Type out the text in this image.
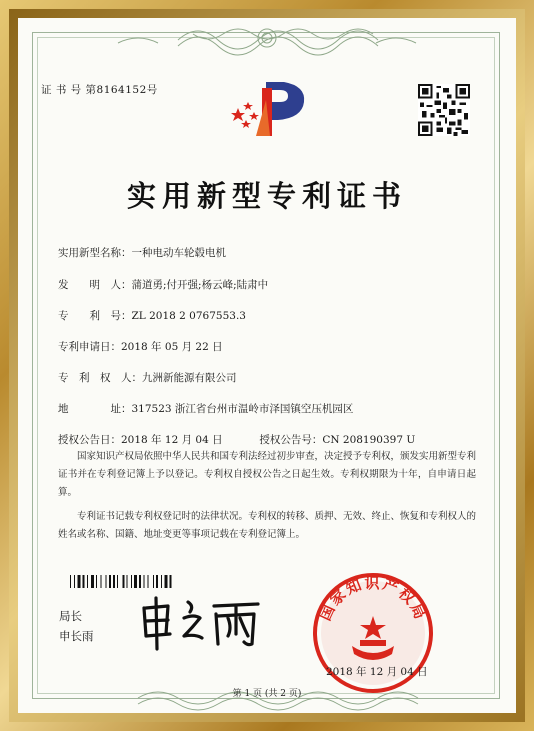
证 书 号 第8164152号
实用新型专利证书
实用新型名称：一种电动车轮毂电机
发　　明　人：蒲道勇;付开强;杨云峰;陆肃中
专　　利　号：ZL 2018 2 0767553.3
专利申请日：2018 年 05 月 22 日
专　利　权　人：九洲新能源有限公司
地　　　　址：317523 浙江省台州市温岭市泽国镇空压机园区
授权公告日：2018 年 12 月 04 日	授权公告号：CN 208190397 U
国家知识产权局依照中华人民共和国专利法经过初步审查，决定授予专利权，颁发实用新型专利证书并在专利登记簿上予以登记。专利权自授权公告之日起生效。专利权期限为十年，自申请日起算。
专利证书记载专利权登记时的法律状况。专利权的转移、质押、无效、终止、恢复和专利权人的姓名或名称、国籍、地址变更等事项记载在专利登记簿上。
局长
申长雨
国家知识产权局
2018 年 12 月 04 日
第 1 页 (共 2 页)
